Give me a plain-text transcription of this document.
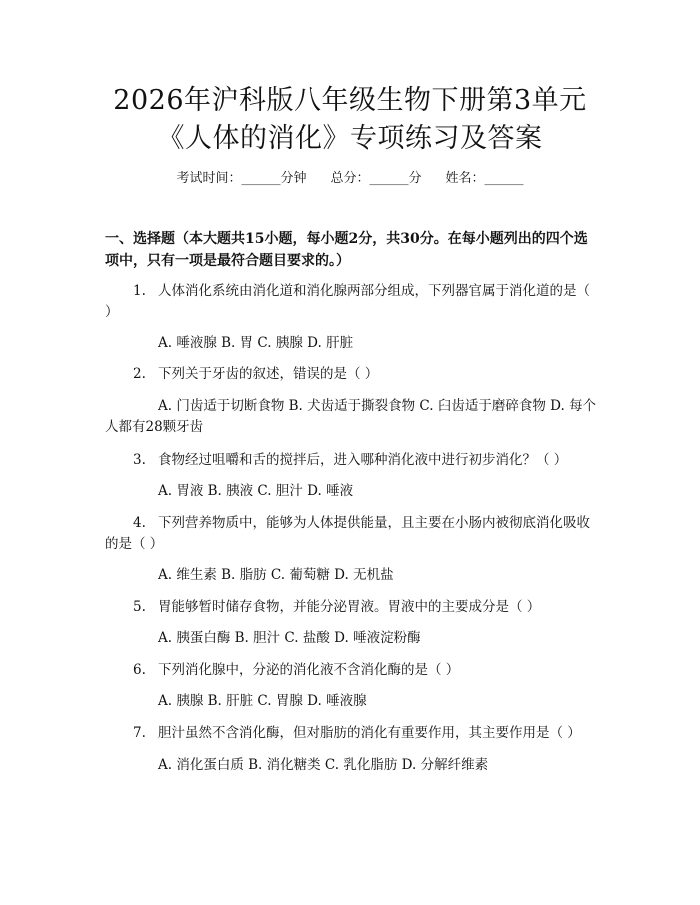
2026年沪科版八年级生物下册第3单元《人体的消化》专项练习及答案
考试时间：______分钟 总分：______分 姓名：______

一、选择题（本大题共15小题，每小题2分，共30分。在每小题列出的四个选项中，只有一项是最符合题目要求的。）

1. 人体消化系统由消化道和消化腺两部分组成，下列器官属于消化道的是（ ）

A. 唾液腺 B. 胃 C. 胰腺 D. 肝脏

2. 下列关于牙齿的叙述，错误的是（ ）

A. 门齿适于切断食物 B. 犬齿适于撕裂食物 C. 臼齿适于磨碎食物 D. 每个人都有28颗牙齿

3. 食物经过咀嚼和舌的搅拌后，进入哪种消化液中进行初步消化？（ ）

A. 胃液 B. 胰液 C. 胆汁 D. 唾液

4. 下列营养物质中，能够为人体提供能量，且主要在小肠内被彻底消化吸收的是（ ）

A. 维生素 B. 脂肪 C. 葡萄糖 D. 无机盐

5. 胃能够暂时储存食物，并能分泌胃液。胃液中的主要成分是（ ）

A. 胰蛋白酶 B. 胆汁 C. 盐酸 D. 唾液淀粉酶

6. 下列消化腺中，分泌的消化液不含消化酶的是（ ）

A. 胰腺 B. 肝脏 C. 胃腺 D. 唾液腺

7. 胆汁虽然不含消化酶，但对脂肪的消化有重要作用，其主要作用是（ ）

A. 消化蛋白质 B. 消化糖类 C. 乳化脂肪 D. 分解纤维素
